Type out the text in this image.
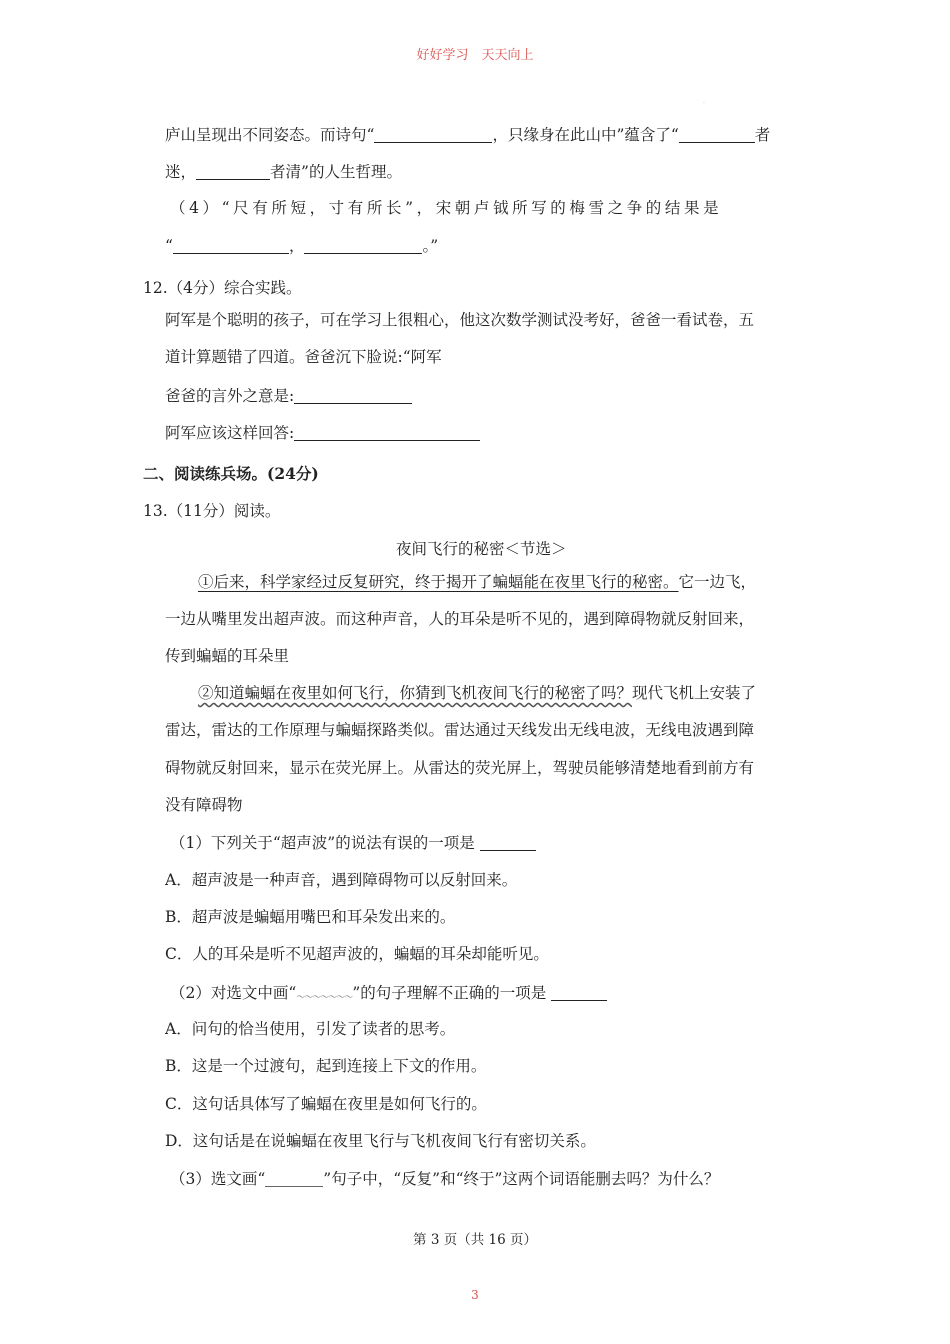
好好学习　天天向上
.
庐山呈现出不同姿态。而诗句“	，只缘身在此山中”蕴含了“	者
迷，	者清”的人生哲理。
（4）“尺有所短，寸有所长”，宋朝卢钺所写的梅雪之争的结果是
“	，	。”
12.（4分）综合实践。
阿军是个聪明的孩子，可在学习上很粗心，他这次数学测试没考好，爸爸一看试卷，五
道计算题错了四道。爸爸沉下脸说:“阿军
爸爸的言外之意是:
阿军应该这样回答:
二、阅读练兵场。(24分)
13.（11分）阅读。
夜间飞行的秘密＜节选＞
①后来，科学家经过反复研究，终于揭开了蝙蝠能在夜里飞行的秘密。它一边飞，
一边从嘴里发出超声波。而这种声音，人的耳朵是听不见的，遇到障碍物就反射回来，
传到蝙蝠的耳朵里
②知道蝙蝠在夜里如何飞行，你猜到飞机夜间飞行的秘密了吗？现代飞机上安装了
雷达，雷达的工作原理与蝙蝠探路类似。雷达通过天线发出无线电波，无线电波遇到障
碍物就反射回来，显示在荧光屏上。从雷达的荧光屏上，驾驶员能够清楚地看到前方有
没有障碍物
（1）下列关于“超声波”的说法有误的一项是
A．超声波是一种声音，遇到障碍物可以反射回来。
B．超声波是蝙蝠用嘴巴和耳朵发出来的。
C．人的耳朵是听不见超声波的，蝙蝠的耳朵却能听见。
（2）对选文中画“～～～～～～～”的句子理解不正确的一项是
A．问句的恰当使用，引发了读者的思考。
B．这是一个过渡句，起到连接上下文的作用。
C．这句话具体写了蝙蝠在夜里是如何飞行的。
D．这句话是在说蝙蝠在夜里飞行与飞机夜间飞行有密切关系。
（3）选文画“	”句子中，“反复”和“终于”这两个词语能删去吗？为什么？
第 3 页（共 16 页）
3
